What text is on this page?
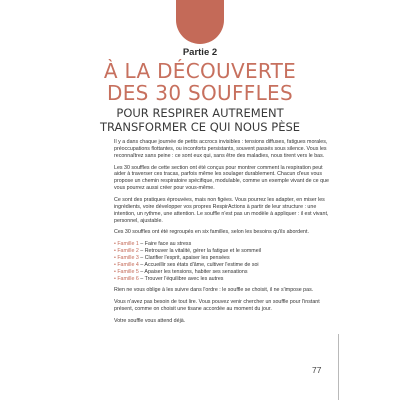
Partie 2
À LA DÉCOUVERTE
DES 30 SOUFFLES
POUR RESPIRER AUTREMENT
TRANSFORMER CE QUI NOUS PÈSE

Il y a dans chaque journée de petits accrocs invisibles : tensions diffuses, fatigues morales, préoccupations flottantes, ou inconforts persistants, souvent passés sous silence. Vous les reconnaîtrez sans peine : ce sont eux qui, sans être des maladies, nous tirent vers le bas.

Les 30 souffles de cette section ont été conçus pour montrer comment la respiration peut aider à traverser ces tracas, parfois même les soulager durablement. Chacun d'eux vous propose un chemin respiratoire spécifique, modulable, comme un exemple vivant de ce que vous pourrez aussi créer pour vous-même.

Ce sont des pratiques éprouvées, mais non figées. Vous pourrez les adapter, en miser les ingrédients, voire développer vos propres RespirActions à partir de leur structure : une intention, un rythme, une attention. Le souffle n'est pas un modèle à appliquer : il est vivant, personnel, ajustable.

Ces 30 souffles ont été regroupés en six familles, selon les besoins qu'ils abordent.

• Famille 1 – Faire face au stress
• Famille 2 – Retrouver la vitalité, gérer la fatigue et le sommeil
• Famille 3 – Clarifier l'esprit, apaiser les pensées
• Famille 4 – Accueillir ses états d'âme, cultiver l'estime de soi
• Famille 5 – Apaiser les tensions, habiter ses sensations
• Famille 6 – Trouver l'équilibre avec les autres

Rien ne vous oblige à les suivre dans l'ordre : le souffle se choisit, il ne s'impose pas.

Vous n'avez pas besoin de tout lire. Vous pouvez venir chercher un souffle pour l'instant présent, comme on choisit une tisane accordée au moment du jour.

Votre souffle vous attend déjà.

77
